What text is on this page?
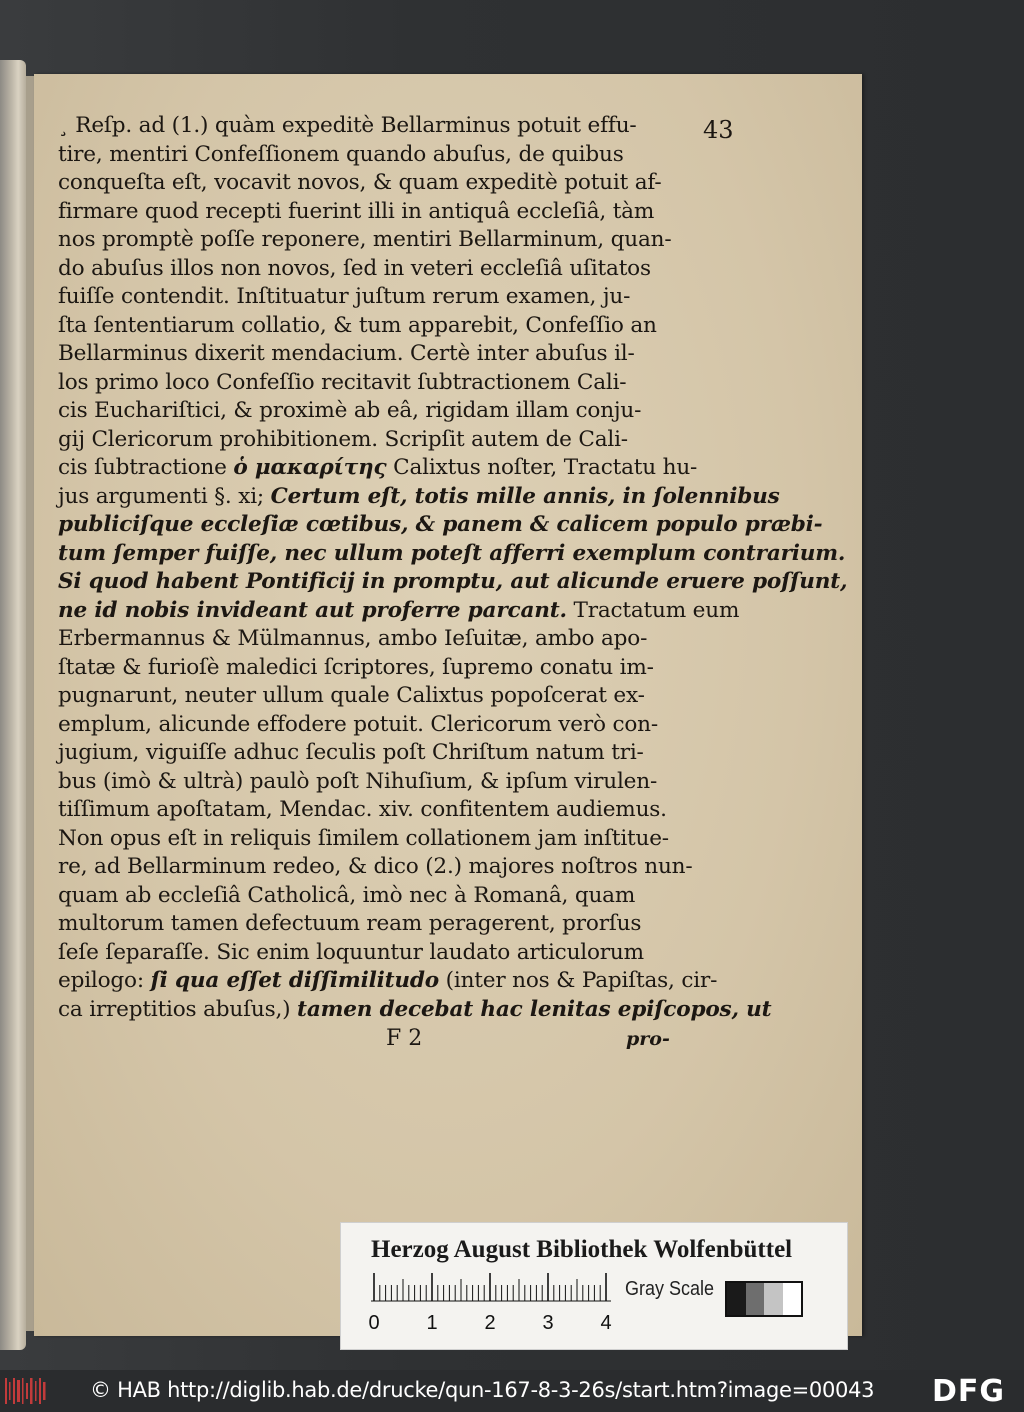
43
¸ Reſp. ad (1.) quàm expeditè Bellarminus potuit effu-
tire, mentiri Confeſſionem quando abuſus, de quibus
conqueſta eſt, vocavit novos, & quam expeditè potuit af-
firmare quod recepti fuerint illi in antiquâ eccleſiâ, tàm
nos promptè poſſe reponere, mentiri Bellarminum, quan-
do abuſus illos non novos, ſed in veteri eccleſiâ uſitatos
fuiſſe contendit. Inſtituatur juſtum rerum examen, ju-
ſta ſententiarum collatio, & tum apparebit, Confeſſio an
Bellarminus dixerit mendacium. Certè inter abuſus il-
los primo loco Confeſſio recitavit ſubtractionem Cali-
cis Euchariſtici, & proximè ab eâ, rigidam illam conju-
gij Clericorum prohibitionem. Scripſit autem de Cali-
cis ſubtractione ὁ μακαρίτης Calixtus noſter, Tractatu hu-
jus argumenti §. xi; Certum eſt, totis mille annis, in ſolennibus
publiciſque eccleſiæ cœtibus, & panem & calicem populo præbi-
tum ſemper fuiſſe, nec ullum poteſt afferri exemplum contrarium.
Si quod habent Pontificij in promptu, aut alicunde eruere poſſunt,
ne id nobis invideant aut proferre parcant. Tractatum eum
Erbermannus & Mülmannus, ambo Ieſuitæ, ambo apo-
ſtatæ & furioſè maledici ſcriptores, ſupremo conatu im-
pugnarunt, neuter ullum quale Calixtus popoſcerat ex-
emplum, alicunde effodere potuit. Clericorum verò con-
jugium, viguiſſe adhuc ſeculis poſt Chriſtum natum tri-
bus (imò & ultrà) paulò poſt Nihuſium, & ipſum virulen-
tiſſimum apoſtatam, Mendac. xiv. confitentem audiemus.
Non opus eſt in reliquis ſimilem collationem jam inſtitue-
re, ad Bellarminum redeo, & dico (2.) majores noſtros nun-
quam ab eccleſiâ Catholicâ, imò nec à Romanâ, quam
multorum tamen defectuum ream peragerent, prorſus
ſeſe ſeparaſſe. Sic enim loquuntur laudato articulorum
epilogo: ſi qua eſſet diſſimilitudo (inter nos & Papiſtas, cir-
ca irreptitios abuſus,) tamen decebat hac lenitas epiſcopos, ut
F 2	pro-
Herzog August Bibliothek Wolfenbüttel
0 1 2 3 4
Gray Scale
© HAB http://diglib.hab.de/drucke/qun-167-8-3-26s/start.htm?image=00043 DFG
